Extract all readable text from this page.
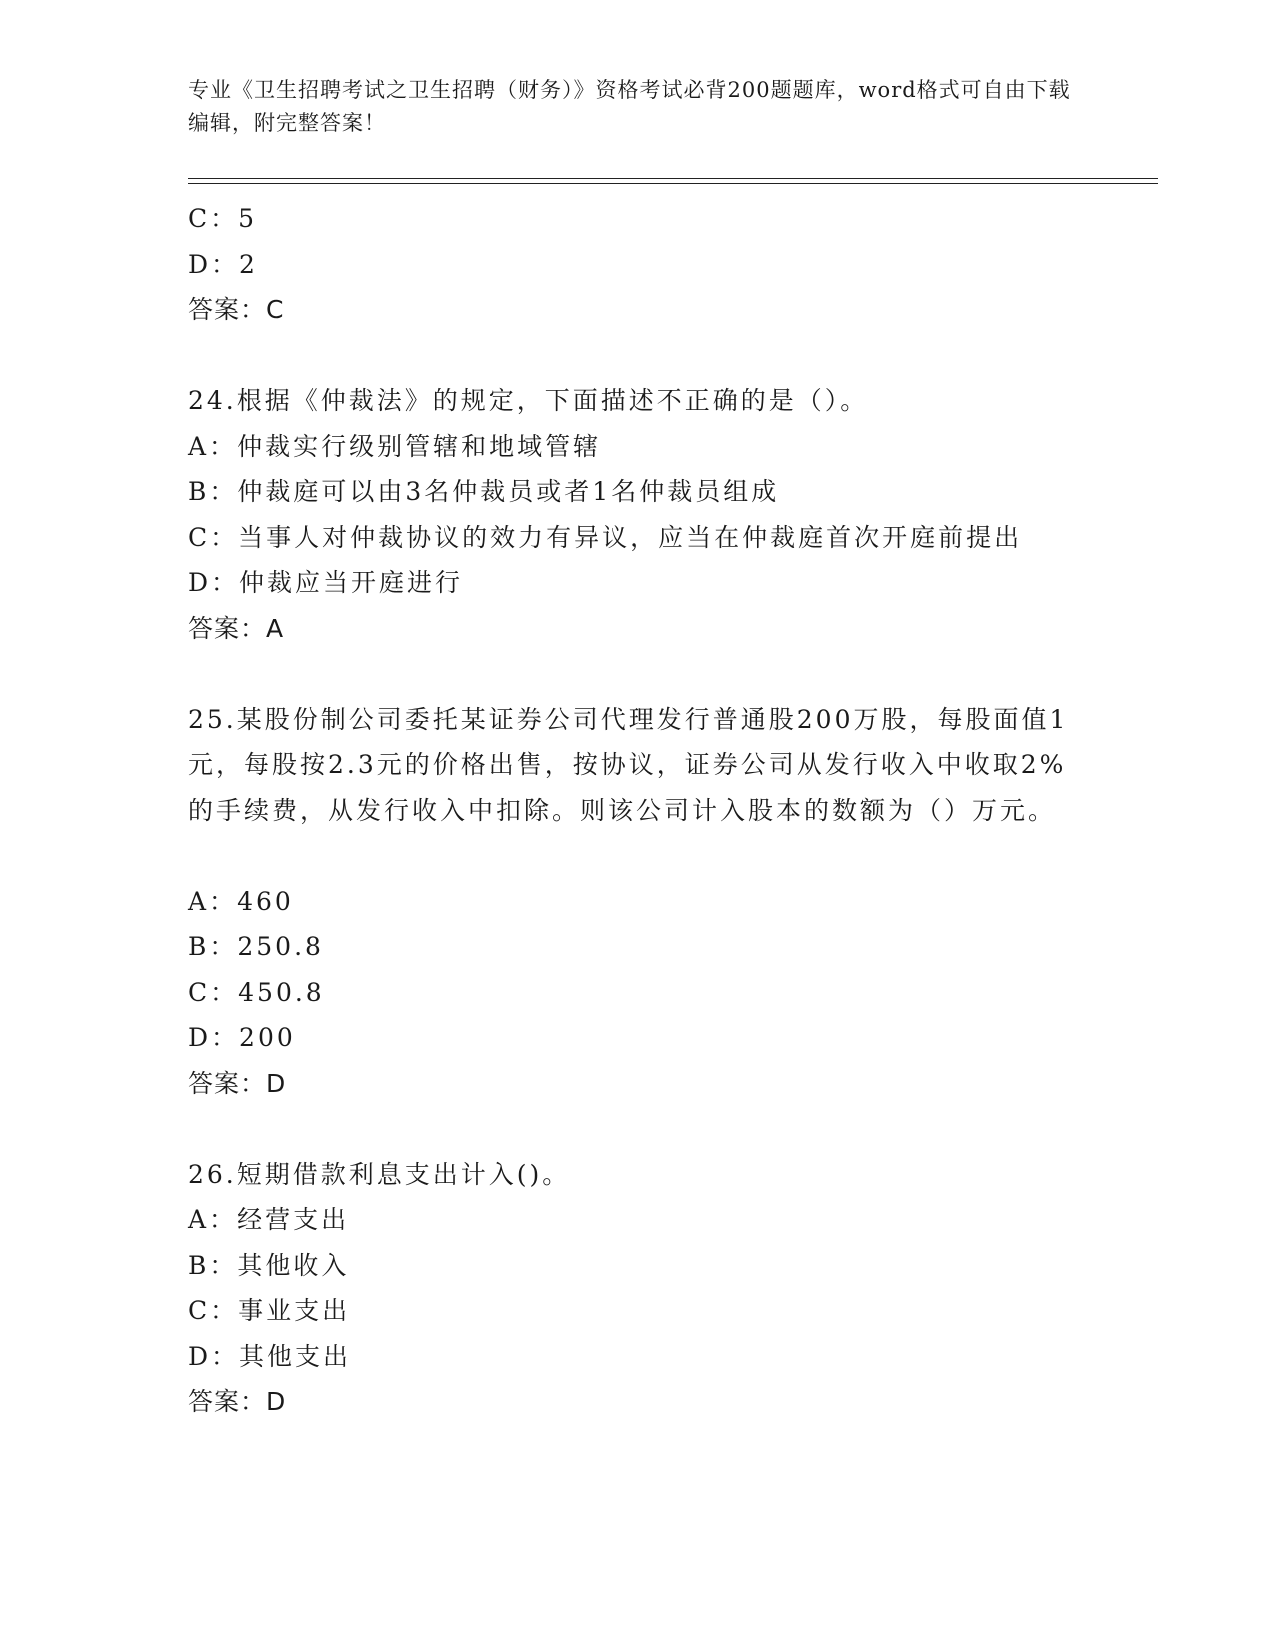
专业《卫生招聘考试之卫生招聘（财务）》资格考试必背200题题库，word格式可自由下载编辑，附完整答案！
C：5
D：2
答案：C
24.根据《仲裁法》的规定，下面描述不正确的是（）。
A：仲裁实行级别管辖和地域管辖
B：仲裁庭可以由3名仲裁员或者1名仲裁员组成
C：当事人对仲裁协议的效力有异议，应当在仲裁庭首次开庭前提出
D：仲裁应当开庭进行
答案：A
25.某股份制公司委托某证券公司代理发行普通股200万股，每股面值1元，每股按2.3元的价格出售，按协议，证券公司从发行收入中收取2%的手续费，从发行收入中扣除。则该公司计入股本的数额为（）万元。
A：460
B：250.8
C：450.8
D：200
答案：D
26.短期借款利息支出计入()。
A：经营支出
B：其他收入
C：事业支出
D：其他支出
答案：D
